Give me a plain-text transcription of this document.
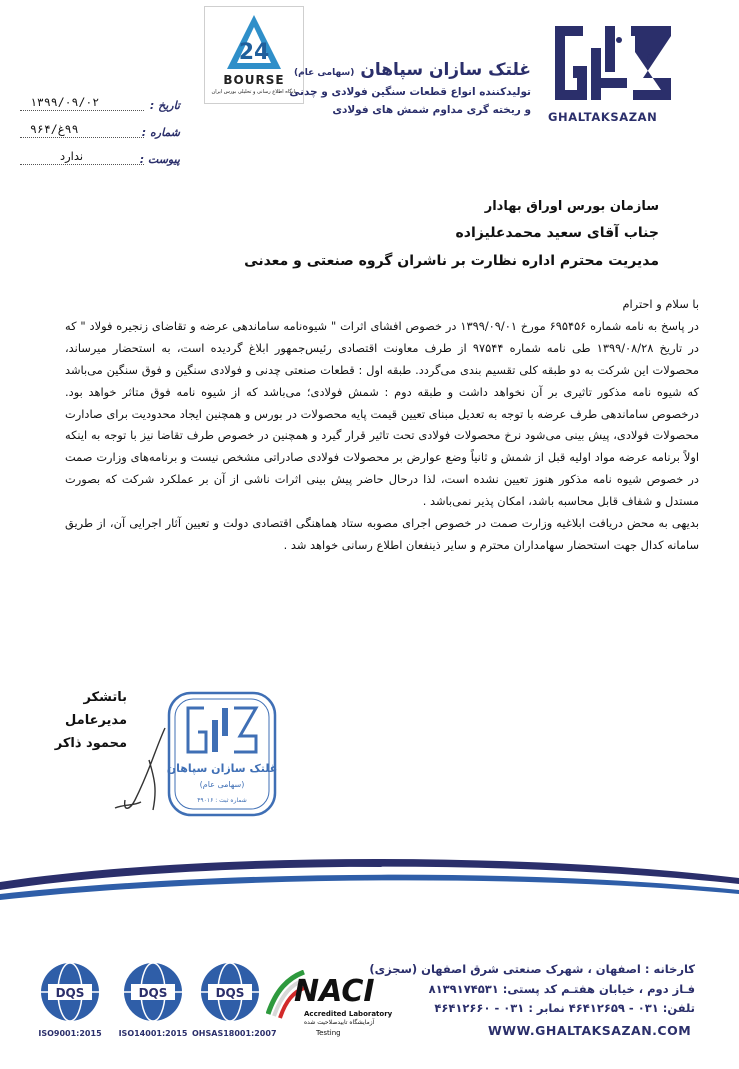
24
BOURSE
پایگاه اطلاع رسانی و تحلیلی بورس ایران
GHALTAKSAZAN
غلتک سازان سپاهان (سهامی عام)
تولیدکننده انواع قطعات سنگین فولادی و چدنی
و ریخته گری مداوم شمش های فولادی
تاریخ :
۱۳۹۹/۰۹/۰۲
شماره :
۹۹غ/۹۶۴
پیوست :
ندارد
سازمان بورس اوراق بهادار
جناب آقای سعید محمدعلیزاده
مدیریت محترم اداره نظارت بر ناشران گروه صنعتی و معدنی

با سلام و احترام

در پاسخ به نامه شماره ۶۹۵۴۵۶ مورخ ۱۳۹۹/۰۹/۰۱ در خصوص افشای اثرات " شیوه‌نامه ساماندهی عرضه و تقاضای زنجیره فولاد " که در تاریخ ۱۳۹۹/۰۸/۲۸ طی نامه شماره ۹۷۵۴۴ از طرف معاونت اقتصادی رئیس‌جمهور ابلاغ گردیده است، به استحضار میرساند، محصولات این شرکت به دو طبقه کلی تقسیم بندی می‌گردد. طبقه اول : قطعات صنعتی چدنی و فولادی سنگین و فوق سنگین می‌باشد که شیوه نامه مذکور تاثیری بر آن نخواهد داشت و طبقه دوم : شمش فولادی؛ می‌باشد که از شیوه نامه فوق متاثر خواهد بود. درخصوص ساماندهی طرف عرضه با توجه به تعدیل مبنای تعیین قیمت پایه محصولات در بورس و همچنین ایجاد محدودیت برای صادارت محصولات فولادی، پیش بینی می‌شود نرخ محصولات فولادی تحت تاثیر قرار گیرد و همچنین در خصوص طرف تقاضا نیز با توجه به اینکه اولاً برنامه عرضه مواد اولیه قبل از شمش و ثانیاً وضع عوارض بر محصولات فولادی صادراتی مشخص نیست و برنامه‌های وزارت صمت در خصوص شیوه نامه مذکور هنوز تعیین نشده است، لذا درحال حاضر پیش بینی اثرات ناشی از آن بر عملکرد شرکت که بصورت مستدل و شفاف قابل محاسبه باشد، امکان پذیر نمی‌باشد .

بدیهی به محض دریافت ابلاغیه وزارت صمت در خصوص اجرای مصوبه ستاد هماهنگی اقتصادی دولت و تعیین آثار اجرایی آن، از طریق سامانه کدال جهت استحضار سهامداران محترم و سایر ذینفعان اطلاع رسانی خواهد شد .

باتشکر
مدیرعامل
محمود ذاکر
غلتک سازان سپاهان
(سهامی عام)
شماره ثبت : ۴۹۰۱۶
DQS
ISO9001:2015
DQS
ISO14001:2015
DQS
OHSAS18001:2007
NACI
Accredited Laboratory
آزمایشگاه تاییدصلاحیت شده
Testing
کارخانه : اصفهان ، شهرک صنعتی شرق اصفهان (سجزی)
فـاز دوم ، خیابان هفتـم کد پستی: ۸۱۳۹۱۷۴۵۳۱
تلفن: ۰۳۱ - ۴۶۴۱۲۶۵۹ نمابر : ۰۳۱ - ۴۶۴۱۲۶۶۰
WWW.GHALTAKSAZAN.COM
